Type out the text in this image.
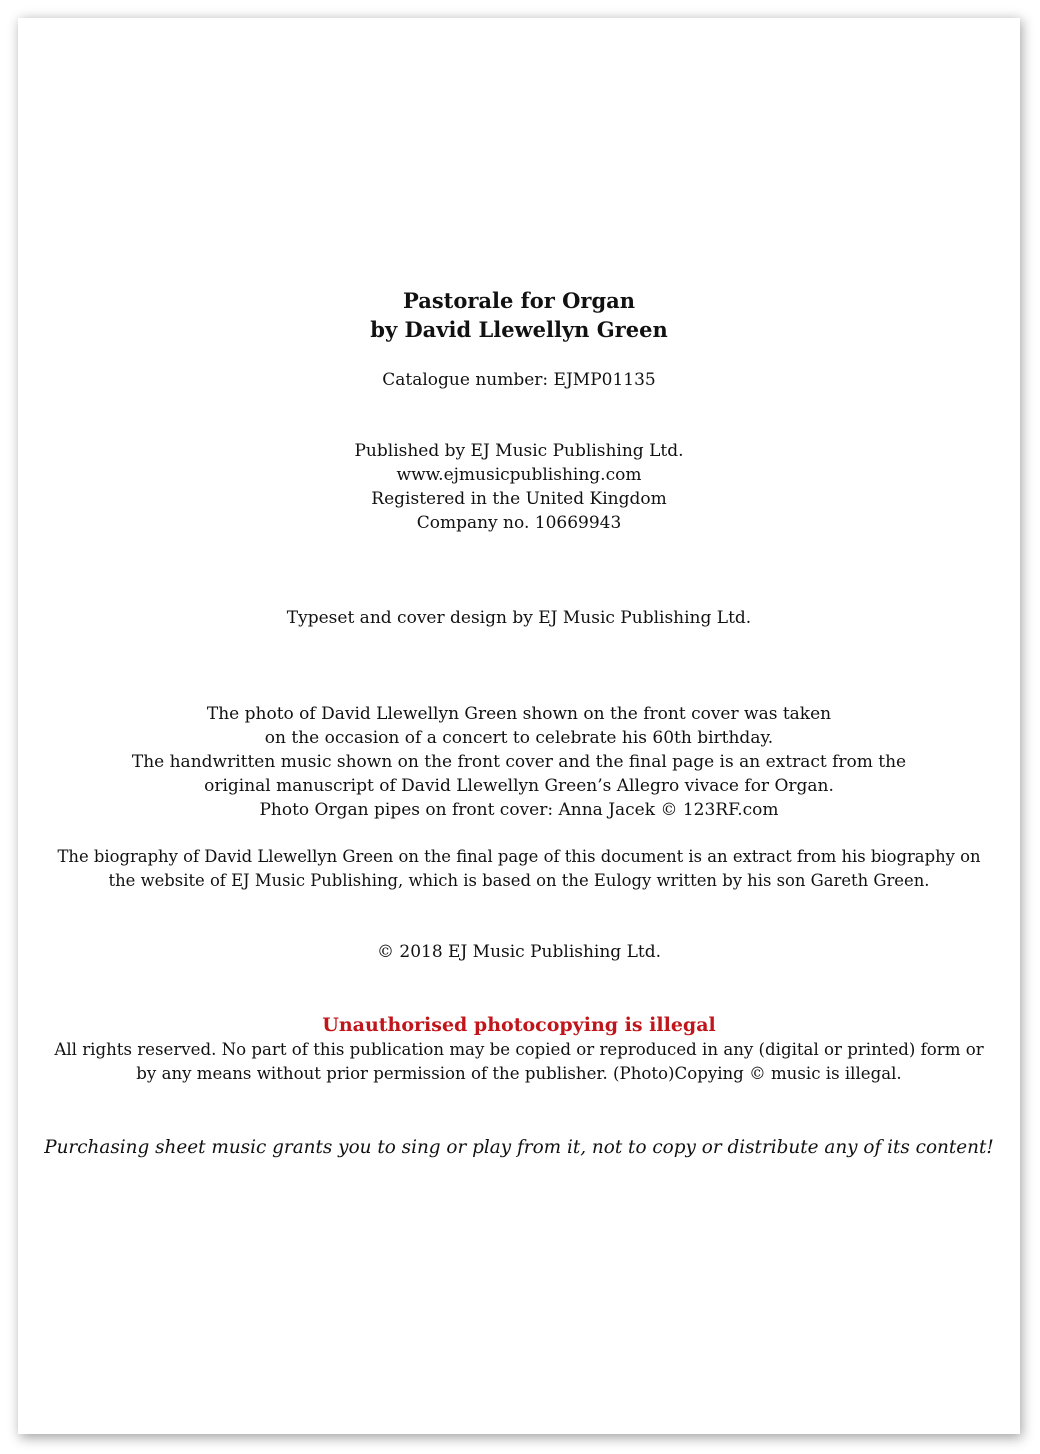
Pastorale for Organ
by David Llewellyn Green
Catalogue number: EJMP01135
Published by EJ Music Publishing Ltd.
www.ejmusicpublishing.com
Registered in the United Kingdom
Company no. 10669943
Typeset and cover design by EJ Music Publishing Ltd.
The photo of David Llewellyn Green shown on the front cover was taken
on the occasion of a concert to celebrate his 60th birthday.
The handwritten music shown on the front cover and the final page is an extract from the
original manuscript of David Llewellyn Green’s Allegro vivace for Organ.
Photo Organ pipes on front cover: Anna Jacek © 123RF.com
The biography of David Llewellyn Green on the final page of this document is an extract from his biography on
the website of EJ Music Publishing, which is based on the Eulogy written by his son Gareth Green.
© 2018 EJ Music Publishing Ltd.
Unauthorised photocopying is illegal
All rights reserved. No part of this publication may be copied or reproduced in any (digital or printed) form or
by any means without prior permission of the publisher. (Photo)Copying © music is illegal.
Purchasing sheet music grants you to sing or play from it, not to copy or distribute any of its content!
